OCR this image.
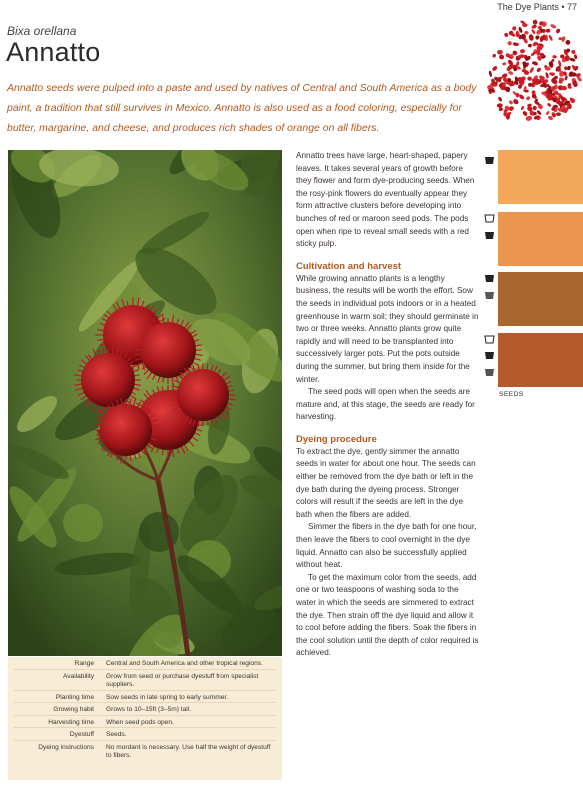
The Dye Plants • 77
Bixa orellana
Annatto
Annatto seeds were pulped into a paste and used by natives of Central and South America as a body paint, a tradition that still survives in Mexico. Annatto is also used as a food coloring, especially for butter, margarine, and cheese, and produces rich shades of orange on all fibers.
Range	Central and South America and other tropical regions.
Availability	Grow from seed or purchase dyestuff from specialist suppliers.
Planting time	Sow seeds in late spring to early summer.
Growing habit	Grows to 10–15ft (3–5m) tall.
Harvesting time	When seed pods open.
Dyestuff	Seeds.
Dyeing instructions	No mordant is necessary. Use half the weight of dyestuff to fibers.

Annatto trees have large, heart-shaped, papery leaves. It takes several years of growth before they flower and form dye-producing seeds. When the rosy-pink flowers do eventually appear they form attractive clusters before developing into bunches of red or maroon seed pods. The pods open when ripe to reveal small seeds with a red sticky pulp.

Cultivation and harvest

While growing annatto plants is a lengthy business, the results will be worth the effort. Sow the seeds in individual pots indoors or in a heated greenhouse in warm soil; they should germinate in two or three weeks. Annatto plants grow quite rapidly and will need to be transplanted into successively larger pots. Put the pots outside during the summer, but bring them inside for the winter.

The seed pods will open when the seeds are mature and, at this stage, the seeds are ready for harvesting.

Dyeing procedure

To extract the dye, gently simmer the annatto seeds in water for about one hour. The seeds can either be removed from the dye bath or left in the dye bath during the dyeing process. Stronger colors will result if the seeds are left in the dye bath when the fibers are added.

Simmer the fibers in the dye bath for one hour, then leave the fibers to cool overnight in the dye liquid. Annatto can also be successfully applied without heat.

To get the maximum color from the seeds, add one or two teaspoons of washing soda to the water in which the seeds are simmered to extract the dye. Then strain off the dye liquid and allow it to cool before adding the fibers. Soak the fibers in the cool solution until the depth of color required is achieved.

SEEDS
